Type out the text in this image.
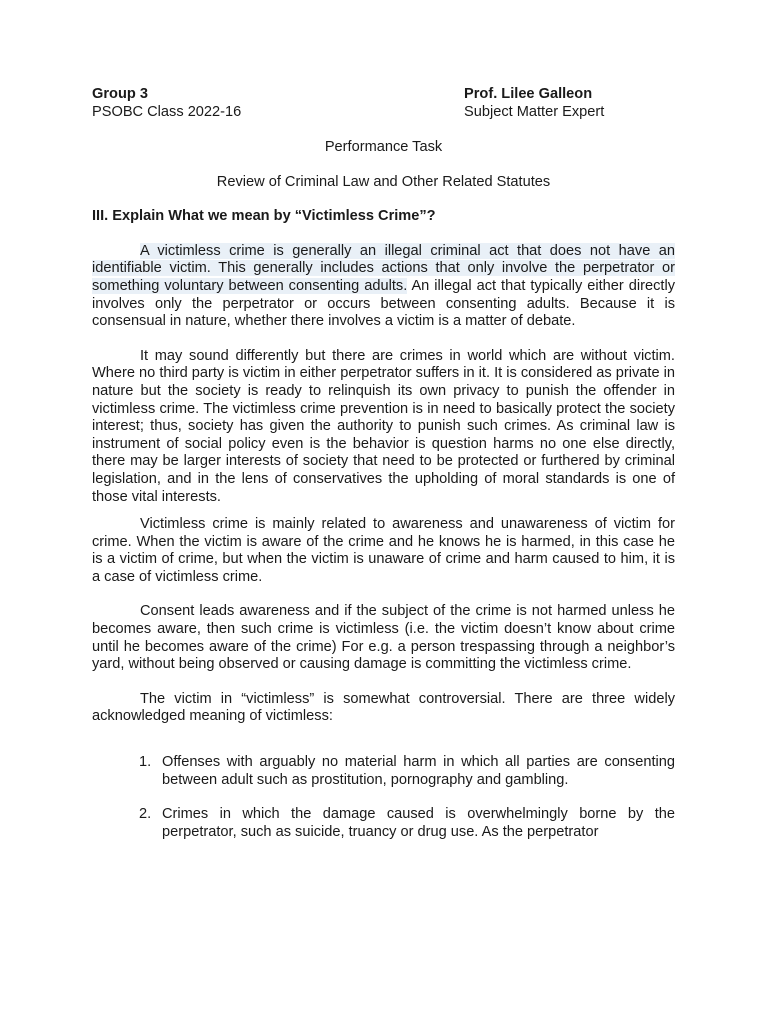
Group 3
PSOBC Class 2022-16
Prof. Lilee Galleon
Subject Matter Expert
Performance Task
Review of Criminal Law and Other Related Statutes
III. Explain What we mean by “Victimless Crime”?

A victimless crime is generally an illegal criminal act that does not have an identifiable victim. This generally includes actions that only involve the perpetrator or something voluntary between consenting adults. An illegal act that typically either directly involves only the perpetrator or occurs between consenting adults. Because it is consensual in nature, whether there involves a victim is a matter of debate.

It may sound differently but there are crimes in world which are without victim. Where no third party is victim in either perpetrator suffers in it. It is considered as private in nature but the society is ready to relinquish its own privacy to punish the offender in victimless crime. The victimless crime prevention is in need to basically protect the society interest; thus, society has given the authority to punish such crimes. As criminal law is instrument of social policy even is the behavior is question harms no one else directly, there may be larger interests of society that need to be protected or furthered by criminal legislation, and in the lens of conservatives the upholding of moral standards is one of those vital interests.

Victimless crime is mainly related to awareness and unawareness of victim for crime. When the victim is aware of the crime and he knows he is harmed, in this case he is a victim of crime, but when the victim is unaware of crime and harm caused to him, it is a case of victimless crime.

Consent leads awareness and if the subject of the crime is not harmed unless he becomes aware, then such crime is victimless (i.e. the victim doesn’t know about crime until he becomes aware of the crime) For e.g. a person trespassing through a neighbor’s yard, without being observed or causing damage is committing the victimless crime.

The victim in “victimless” is somewhat controversial. There are three widely acknowledged meaning of victimless:

1. Offenses with arguably no material harm in which all parties are consenting between adult such as prostitution, pornography and gambling.
2. Crimes in which the damage caused is overwhelmingly borne by the perpetrator, such as suicide, truancy or drug use. As the perpetrator
